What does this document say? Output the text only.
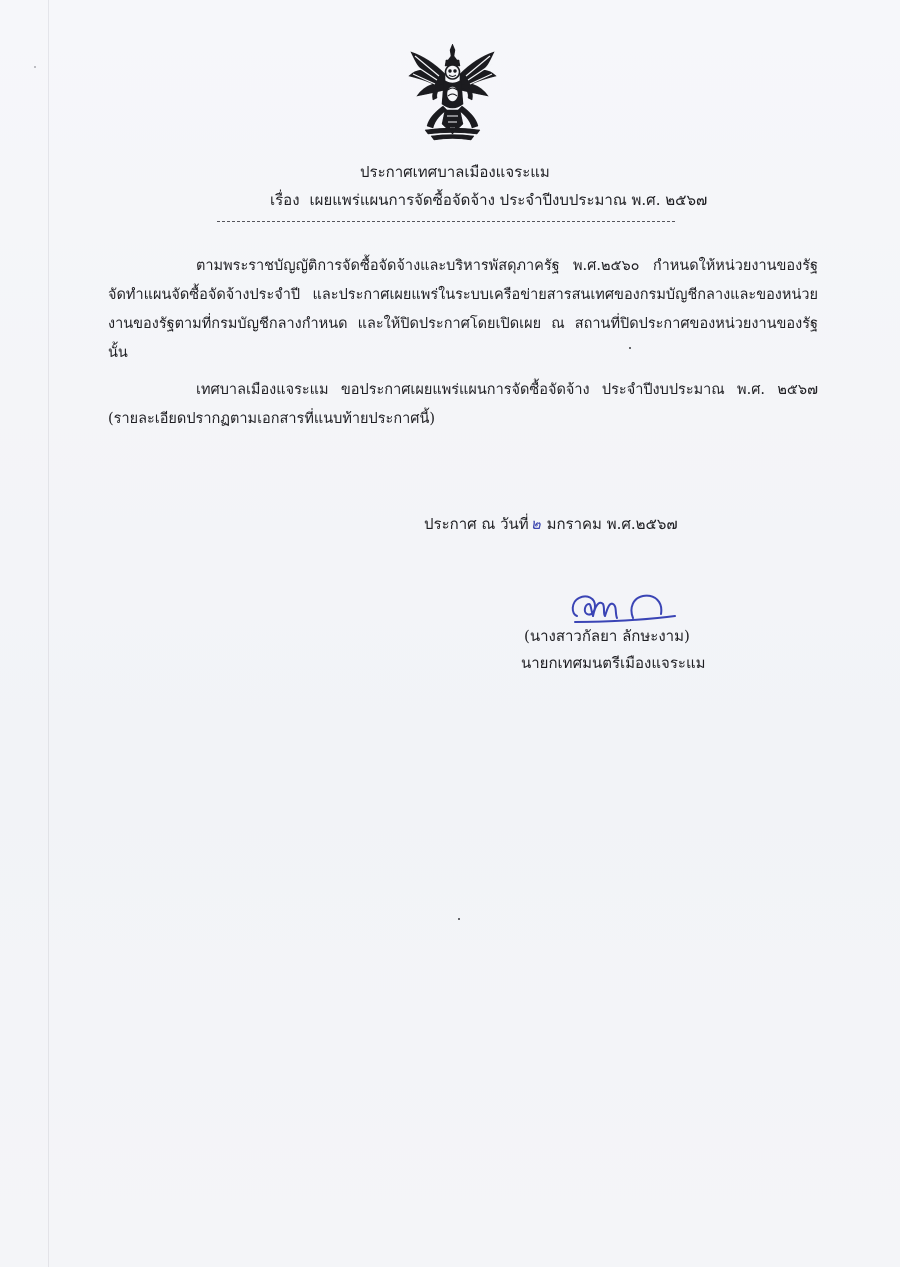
ประกาศเทศบาลเมืองแจระแม
เรื่อง เผยแพร่แผนการจัดซื้อจัดจ้าง ประจำปีงบประมาณ พ.ศ. ๒๕๖๗
ตามพระราชบัญญัติการจัดซื้อจัดจ้างและบริหารพัสดุภาครัฐ พ.ศ.๒๕๖๐ กำหนดให้หน่วยงานของรัฐจัดทำแผนจัดซื้อจัดจ้างประจำปี และประกาศเผยแพร่ในระบบเครือข่ายสารสนเทศของกรมบัญชีกลางและของหน่วยงานของรัฐตามที่กรมบัญชีกลางกำหนด และให้ปิดประกาศโดยเปิดเผย ณ สถานที่ปิดประกาศของหน่วยงานของรัฐ นั้น
เทศบาลเมืองแจระแม ขอประกาศเผยแพร่แผนการจัดซื้อจัดจ้าง ประจำปีงบประมาณ พ.ศ. ๒๕๖๗ (รายละเอียดปรากฏตามเอกสารที่แนบท้ายประกาศนี้)
ประกาศ ณ วันที่ ๒ มกราคม พ.ศ.๒๕๖๗
(นางสาวกัลยา ลักษะงาม)
นายกเทศมนตรีเมืองแจระแม
